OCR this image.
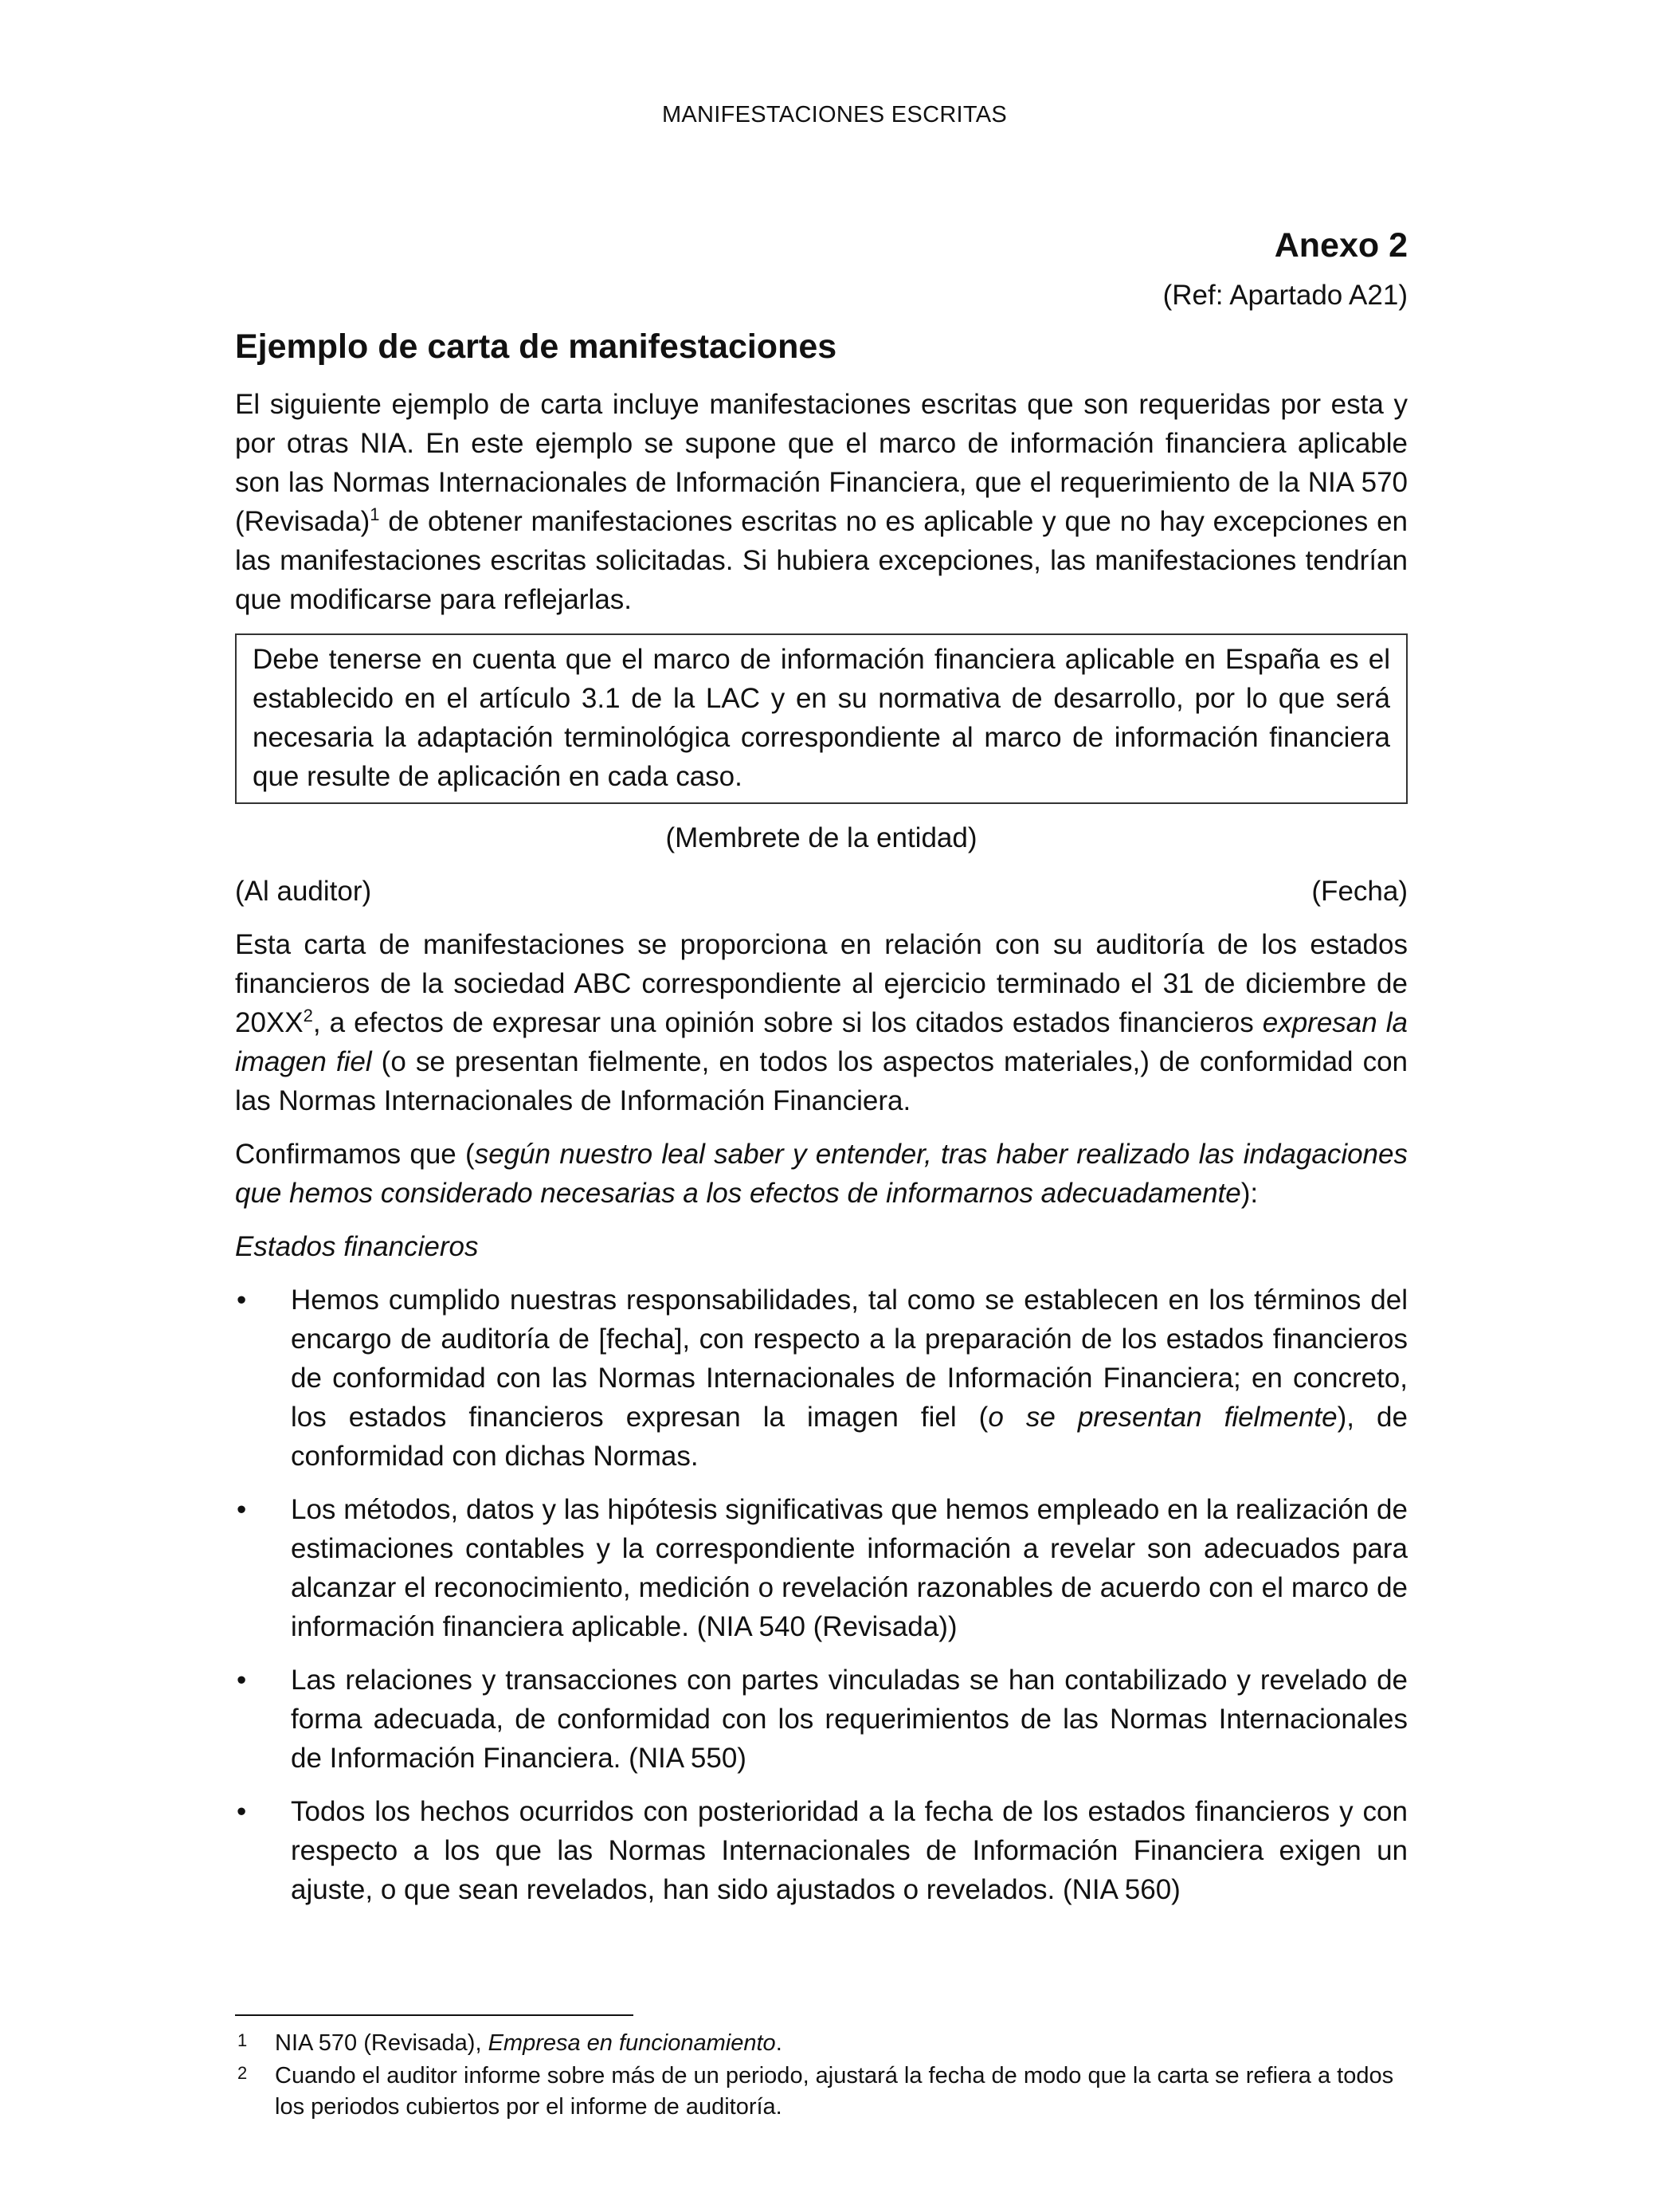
MANIFESTACIONES ESCRITAS

Anexo 2

(Ref: Apartado A21)

Ejemplo de carta de manifestaciones

El siguiente ejemplo de carta incluye manifestaciones escritas que son requeridas por esta y por otras NIA. En este ejemplo se supone que el marco de información financiera aplicable son las Normas Internacionales de Información Financiera, que el requerimiento de la NIA 570 (Revisada)$^1$ de obtener manifestaciones escritas no es aplicable y que no hay excepciones en las manifestaciones escritas solicitadas. Si hubiera excepciones, las manifestaciones tendrían que modificarse para reflejarlas.

Debe tenerse en cuenta que el marco de información financiera aplicable en España es el establecido en el artículo 3.1 de la LAC y en su normativa de desarrollo, por lo que será necesaria la adaptación terminológica correspondiente al marco de información financiera que resulte de aplicación en cada caso.

(Membrete de la entidad)

(Al auditor)	(Fecha)

Esta carta de manifestaciones se proporciona en relación con su auditoría de los estados financieros de la sociedad ABC correspondiente al ejercicio terminado el 31 de diciembre de $20XX^2$, a efectos de expresar una opinión sobre si los citados estados financieros expresan la imagen fiel (o se presentan fielmente, en todos los aspectos materiales,) de conformidad con las Normas Internacionales de Información Financiera.

Confirmamos que (según nuestro leal saber y entender, tras haber realizado las indagaciones que hemos considerado necesarias a los efectos de informarnos adecuadamente):

Estados financieros

• Hemos cumplido nuestras responsabilidades, tal como se establecen en los términos del encargo de auditoría de [fecha], con respecto a la preparación de los estados financieros de conformidad con las Normas Internacionales de Información Financiera; en concreto, los estados financieros expresan la imagen fiel (o se presentan fielmente), de conformidad con dichas Normas.
• Los métodos, datos y las hipótesis significativas que hemos empleado en la realización de estimaciones contables y la correspondiente información a revelar son adecuados para alcanzar el reconocimiento, medición o revelación razonables de acuerdo con el marco de información financiera aplicable. (NIA 540 (Revisada))
• Las relaciones y transacciones con partes vinculadas se han contabilizado y revelado de forma adecuada, de conformidad con los requerimientos de las Normas Internacionales de Información Financiera. (NIA 550)
• Todos los hechos ocurridos con posterioridad a la fecha de los estados financieros y con respecto a los que las Normas Internacionales de Información Financiera exigen un ajuste, o que sean revelados, han sido ajustados o revelados. (NIA 560)
1 NIA 570 (Revisada), Empresa en funcionamiento.
2 Cuando el auditor informe sobre más de un periodo, ajustará la fecha de modo que la carta se refiera a todos los periodos cubiertos por el informe de auditoría.
